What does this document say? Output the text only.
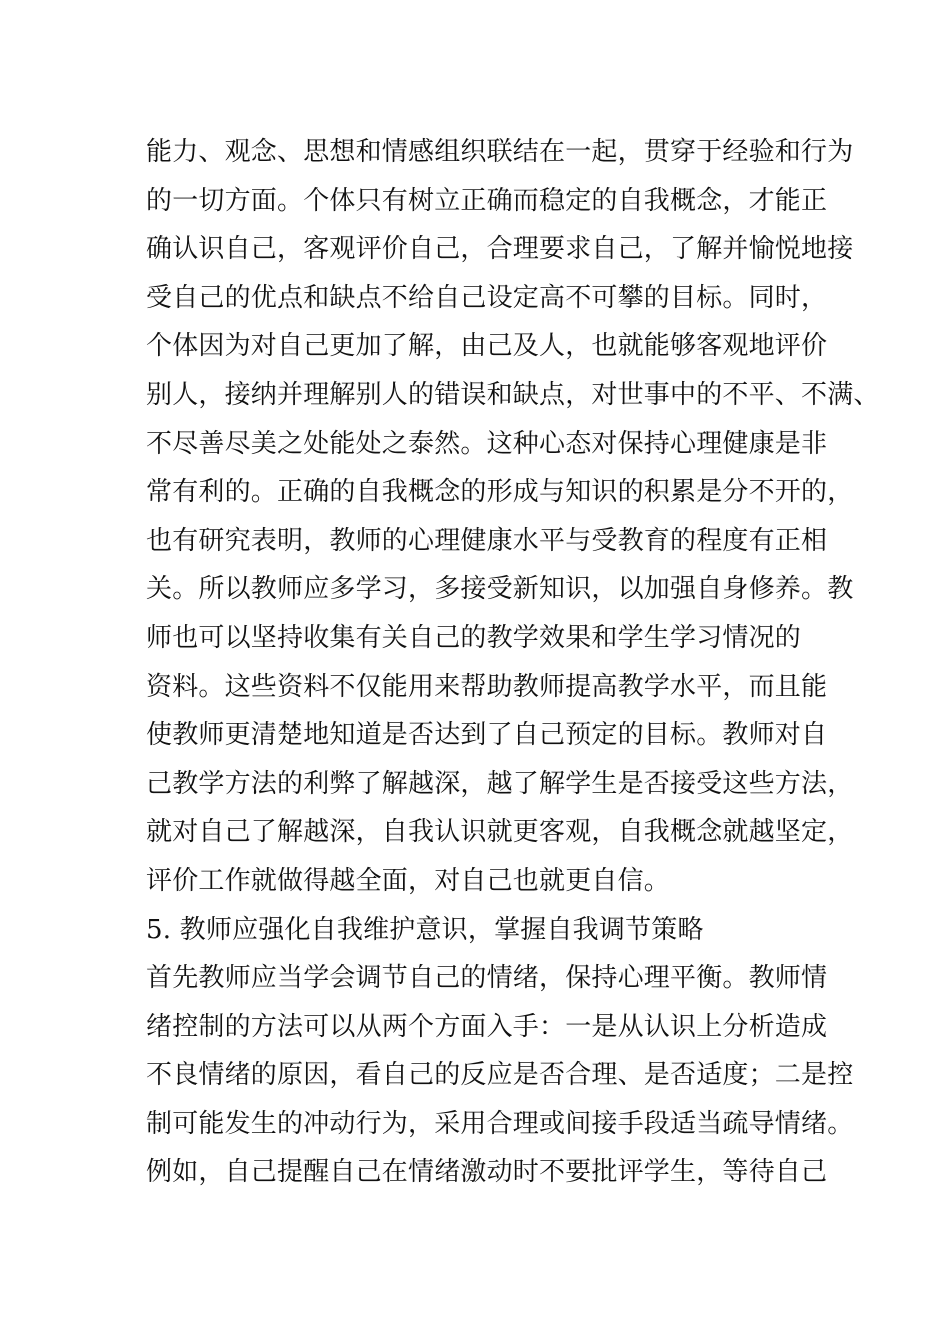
能力、观念、思想和情感组织联结在一起，贯穿于经验和行为
的一切方面。个体只有树立正确而稳定的自我概念，才能正
确认识自己，客观评价自己，合理要求自己，了解并愉悦地接
受自己的优点和缺点不给自己设定高不可攀的目标。同时，
个体因为对自己更加了解，由己及人，也就能够客观地评价
别人，接纳并理解别人的错误和缺点，对世事中的不平、不满、
不尽善尽美之处能处之泰然。这种心态对保持心理健康是非
常有利的。正确的自我概念的形成与知识的积累是分不开的，
也有研究表明，教师的心理健康水平与受教育的程度有正相
关。所以教师应多学习，多接受新知识，以加强自身修养。教
师也可以坚持收集有关自己的教学效果和学生学习情况的
资料。这些资料不仅能用来帮助教师提高教学水平，而且能
使教师更清楚地知道是否达到了自己预定的目标。教师对自
己教学方法的利弊了解越深，越了解学生是否接受这些方法，
就对自己了解越深，自我认识就更客观，自我概念就越坚定，
评价工作就做得越全面，对自己也就更自信。
5. 教师应强化自我维护意识，掌握自我调节策略
首先教师应当学会调节自己的情绪，保持心理平衡。教师情
绪控制的方法可以从两个方面入手：一是从认识上分析造成
不良情绪的原因，看自己的反应是否合理、是否适度；二是控
制可能发生的冲动行为，采用合理或间接手段适当疏导情绪。
例如，自己提醒自己在情绪激动时不要批评学生，等待自己
